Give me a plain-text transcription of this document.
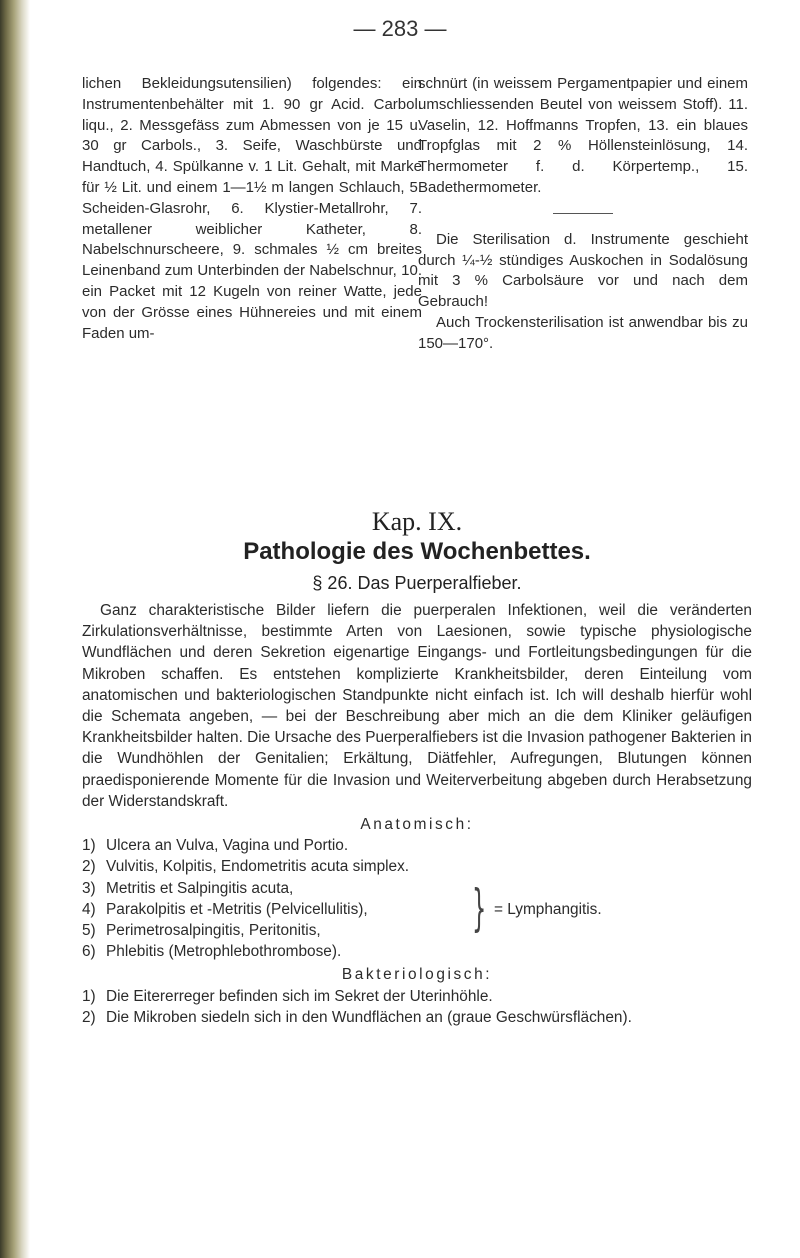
— 283 —

lichen Bekleidungsutensilien) folgendes: ein Instrumentenbehälter mit 1. 90 gr Acid. Carbol. liqu., 2. Messgefäss zum Abmessen von je 15 u. 30 gr Carbols., 3. Seife, Waschbürste und Handtuch, 4. Spülkanne v. 1 Lit. Gehalt, mit Marke für ½ Lit. und einem 1—1½ m langen Schlauch, 5. Scheiden-Glasrohr, 6. Klystier-Metallrohr, 7. metallener weiblicher Katheter, 8. Nabelschnurscheere, 9. schmales ½ cm breites Leinenband zum Unterbinden der Nabelschnur, 10. ein Packet mit 12 Kugeln von reiner Watte, jede von der Grösse eines Hühnereies und mit einem Faden um-

schnürt (in weissem Pergamentpapier und einem umschliessenden Beutel von weissem Stoff). 11. Vaselin, 12. Hoffmanns Tropfen, 13. ein blaues Tropfglas mit 2 % Höllensteinlösung, 14. Thermometer f. d. Körpertemp., 15. Badethermometer.

Die Sterilisation d. Instrumente geschieht durch ¼-½ stündiges Auskochen in Sodalösung mit 3 % Carbolsäure vor und nach dem Gebrauch!

Auch Trockensterilisation ist anwendbar bis zu 150—170°.

Kap. IX.

Pathologie des Wochenbettes.

§ 26. Das Puerperalfieber.

Ganz charakteristische Bilder liefern die puerperalen Infektionen, weil die veränderten Zirkulationsverhältnisse, bestimmte Arten von Laesionen, sowie typische physiologische Wundflächen und deren Sekretion eigenartige Eingangs- und Fortleitungsbedingungen für die Mikroben schaffen. Es entstehen komplizierte Krankheitsbilder, deren Einteilung vom anatomischen und bakteriologischen Standpunkte nicht einfach ist. Ich will deshalb hierfür wohl die Schemata angeben, — bei der Beschreibung aber mich an die dem Kliniker geläufigen Krankheitsbilder halten. Die Ursache des Puerperalfiebers ist die Invasion pathogener Bakterien in die Wundhöhlen der Genitalien; Erkältung, Diätfehler, Aufregungen, Blutungen können praedisponierende Momente für die Invasion und Weiterverbeitung abgeben durch Herabsetzung der Widerstandskraft.

Anatomisch:

1) Ulcera an Vulva, Vagina und Portio.
2) Vulvitis, Kolpitis, Endometritis acuta simplex.
} = Lymphangitis.
3) Metritis et Salpingitis acuta,
4) Parakolpitis et -Metritis (Pelvicellulitis),
5) Perimetrosalpingitis, Peritonitis,
6) Phlebitis (Metrophlebothrombose).

Bakteriologisch:

1) Die Eitererreger befinden sich im Sekret der Uterinhöhle.
2) Die Mikroben siedeln sich in den Wundflächen an (graue Geschwürsflächen).
